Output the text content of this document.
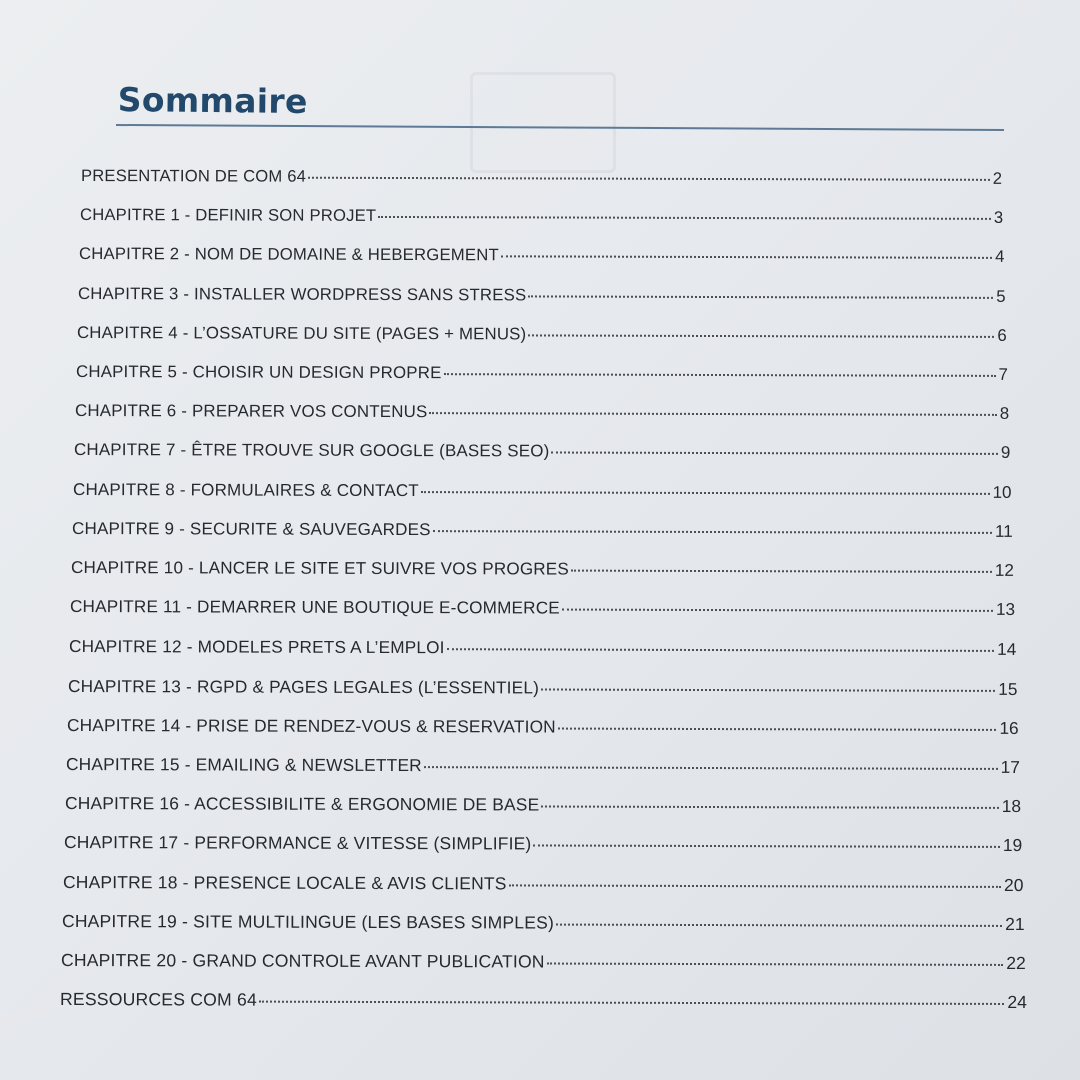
Sommaire
PRESENTATION DE COM 64	2
CHAPITRE 1 - DEFINIR SON PROJET	3
CHAPITRE 2 - NOM DE DOMAINE & HEBERGEMENT	4
CHAPITRE 3 - INSTALLER WORDPRESS SANS STRESS	5
CHAPITRE 4 - L’OSSATURE DU SITE (PAGES + MENUS)	6
CHAPITRE 5 - CHOISIR UN DESIGN PROPRE	7
CHAPITRE 6 - PREPARER VOS CONTENUS	8
CHAPITRE 7 - ÊTRE TROUVE SUR GOOGLE (BASES SEO)	9
CHAPITRE 8 - FORMULAIRES & CONTACT	10
CHAPITRE 9 - SECURITE & SAUVEGARDES	11
CHAPITRE 10 - LANCER LE SITE ET SUIVRE VOS PROGRES	12
CHAPITRE 11 - DEMARRER UNE BOUTIQUE E-COMMERCE	13
CHAPITRE 12 - MODELES PRETS A L’EMPLOI	14
CHAPITRE 13 - RGPD & PAGES LEGALES (L’ESSENTIEL)	15
CHAPITRE 14 - PRISE DE RENDEZ-VOUS & RESERVATION	16
CHAPITRE 15 - EMAILING & NEWSLETTER	17
CHAPITRE 16 - ACCESSIBILITE & ERGONOMIE DE BASE	18
CHAPITRE 17 - PERFORMANCE & VITESSE (SIMPLIFIE)	19
CHAPITRE 18 - PRESENCE LOCALE & AVIS CLIENTS	20
CHAPITRE 19 - SITE MULTILINGUE (LES BASES SIMPLES)	21
CHAPITRE 20 - GRAND CONTROLE AVANT PUBLICATION	22
RESSOURCES COM 64	24
